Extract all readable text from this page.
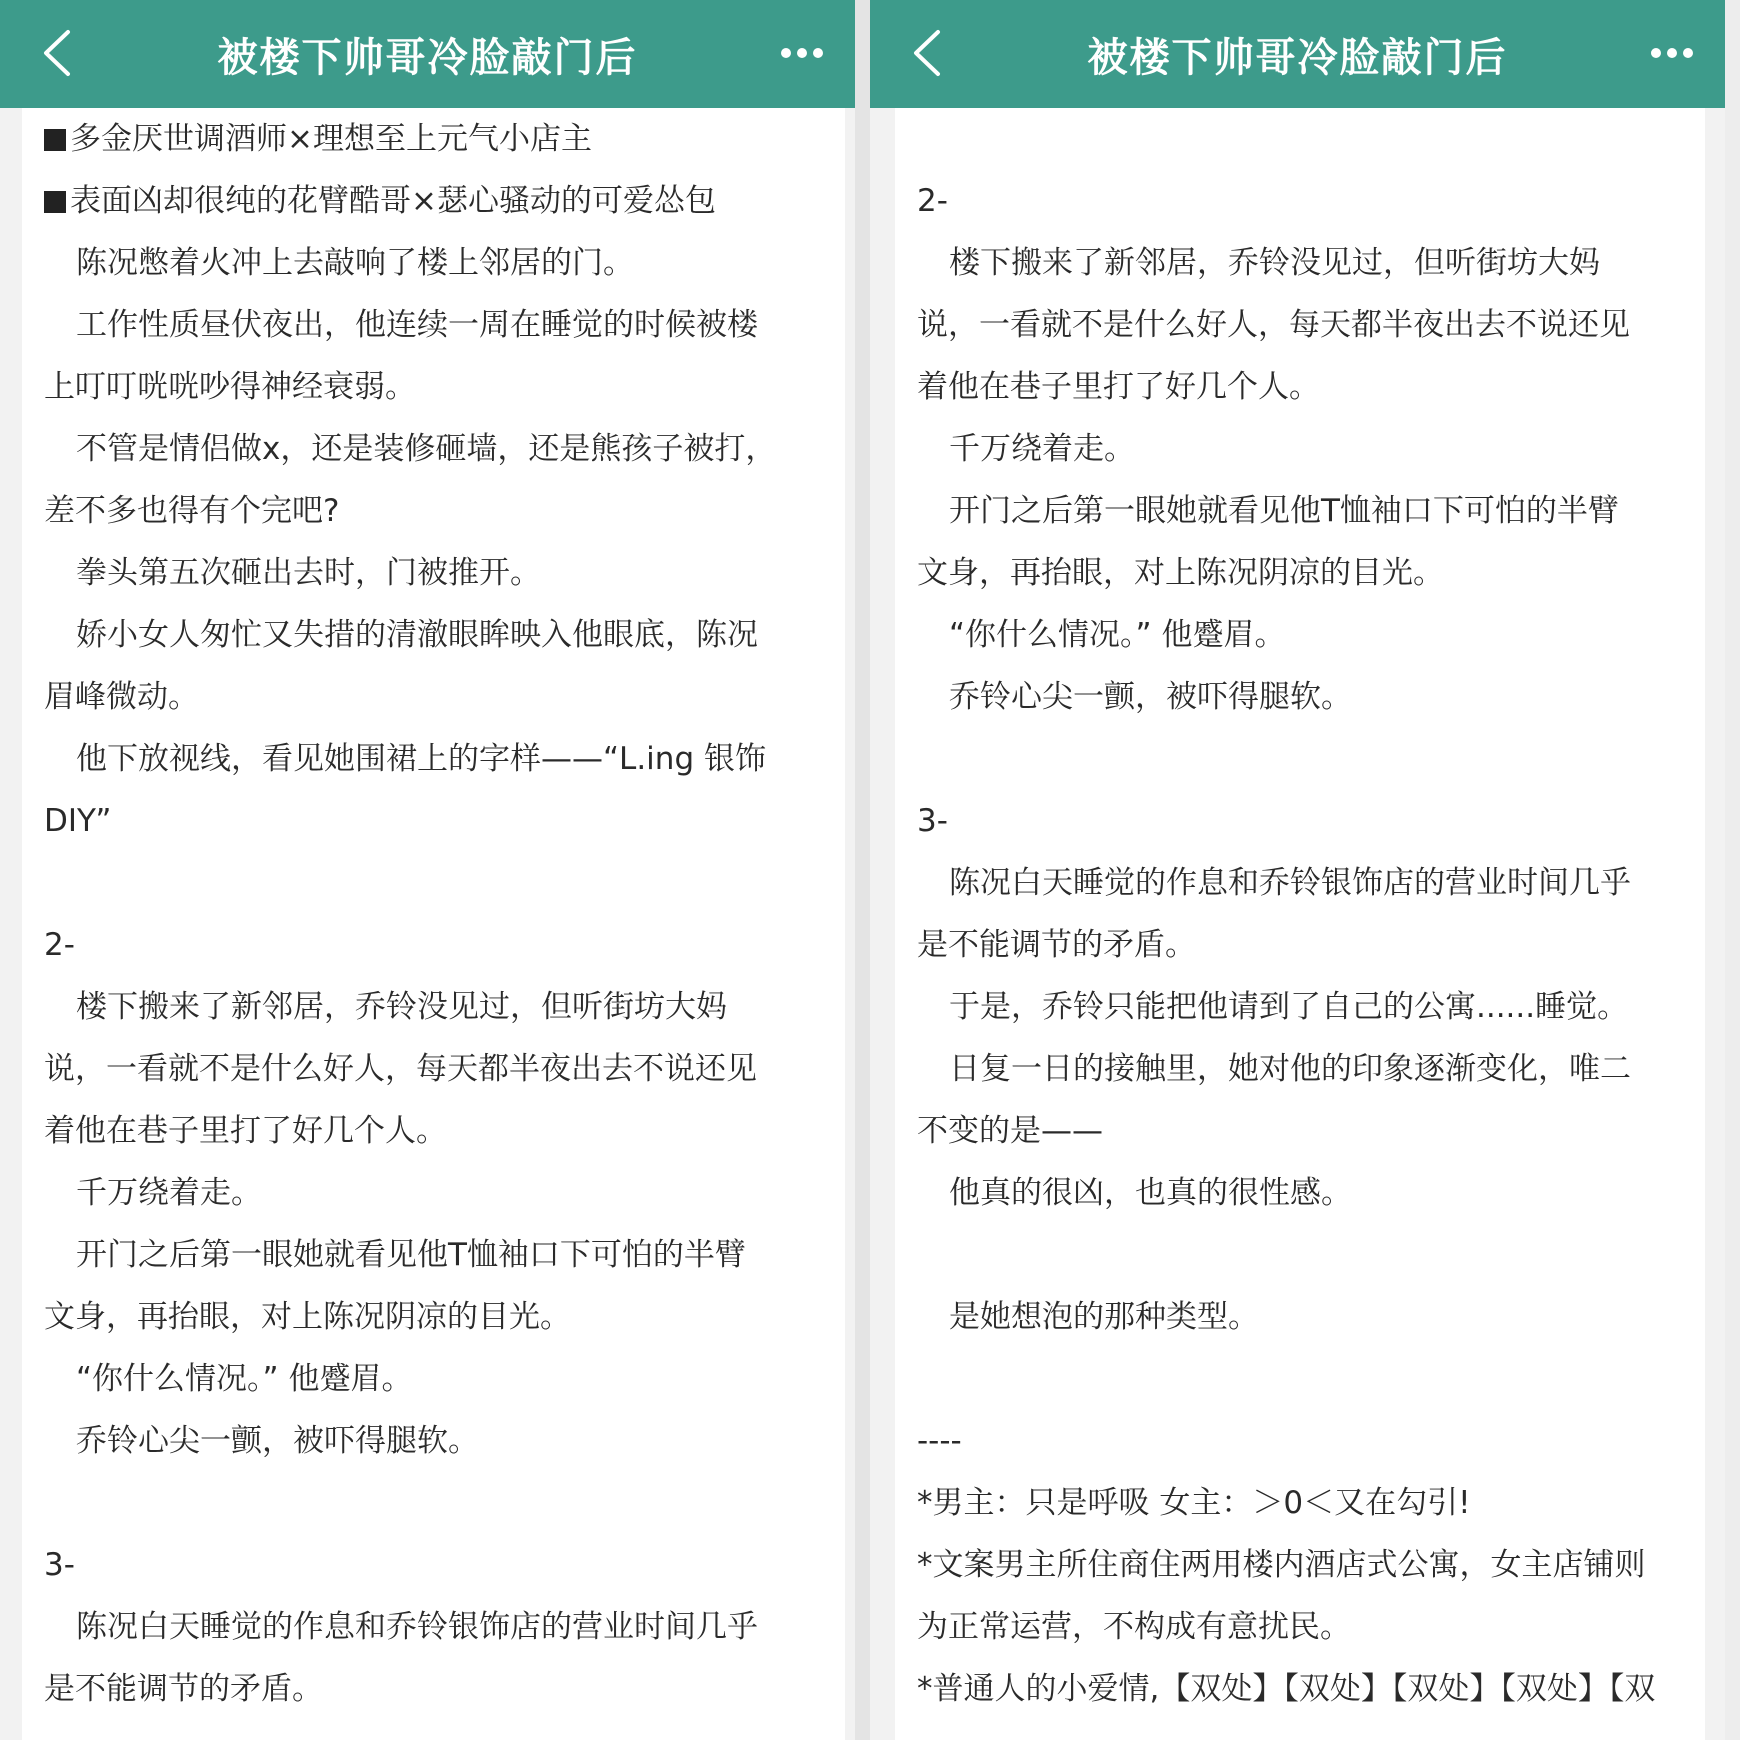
被楼下帅哥冷脸敲门后
多金厌世调酒师×理想至上元气小店主
表面凶却很纯的花臂酷哥×瑟心骚动的可爱怂包
陈况憋着火冲上去敲响了楼上邻居的门。
工作性质昼伏夜出，他连续一周在睡觉的时候被楼
上叮叮咣咣吵得神经衰弱。
不管是情侣做x，还是装修砸墙，还是熊孩子被打，
差不多也得有个完吧?
拳头第五次砸出去时，门被推开。
娇小女人匆忙又失措的清澈眼眸映入他眼底，陈况
眉峰微动。
他下放视线，看见她围裙上的字样——“L.ing 银饰
DIY”
2-
楼下搬来了新邻居，乔铃没见过，但听街坊大妈
说，一看就不是什么好人，每天都半夜出去不说还见
着他在巷子里打了好几个人。
千万绕着走。
开门之后第一眼她就看见他T恤袖口下可怕的半臂
文身，再抬眼，对上陈况阴凉的目光。
“你什么情况。” 他蹙眉。
乔铃心尖一颤，被吓得腿软。
3-
陈况白天睡觉的作息和乔铃银饰店的营业时间几乎
是不能调节的矛盾。
被楼下帅哥冷脸敲门后
2-
楼下搬来了新邻居，乔铃没见过，但听街坊大妈
说，一看就不是什么好人，每天都半夜出去不说还见
着他在巷子里打了好几个人。
千万绕着走。
开门之后第一眼她就看见他T恤袖口下可怕的半臂
文身，再抬眼，对上陈况阴凉的目光。
“你什么情况。” 他蹙眉。
乔铃心尖一颤，被吓得腿软。
3-
陈况白天睡觉的作息和乔铃银饰店的营业时间几乎
是不能调节的矛盾。
于是，乔铃只能把他请到了自己的公寓......睡觉。
日复一日的接触里，她对他的印象逐渐变化，唯二
不变的是——
他真的很凶，也真的很性感。
是她想泡的那种类型。
----
*男主：只是呼吸 女主：＞0＜又在勾引!
*文案男主所住商住两用楼内酒店式公寓，女主店铺则
为正常运营，不构成有意扰民。
*普通人的小爱情,【双处】【双处】【双处】【双处】【双
